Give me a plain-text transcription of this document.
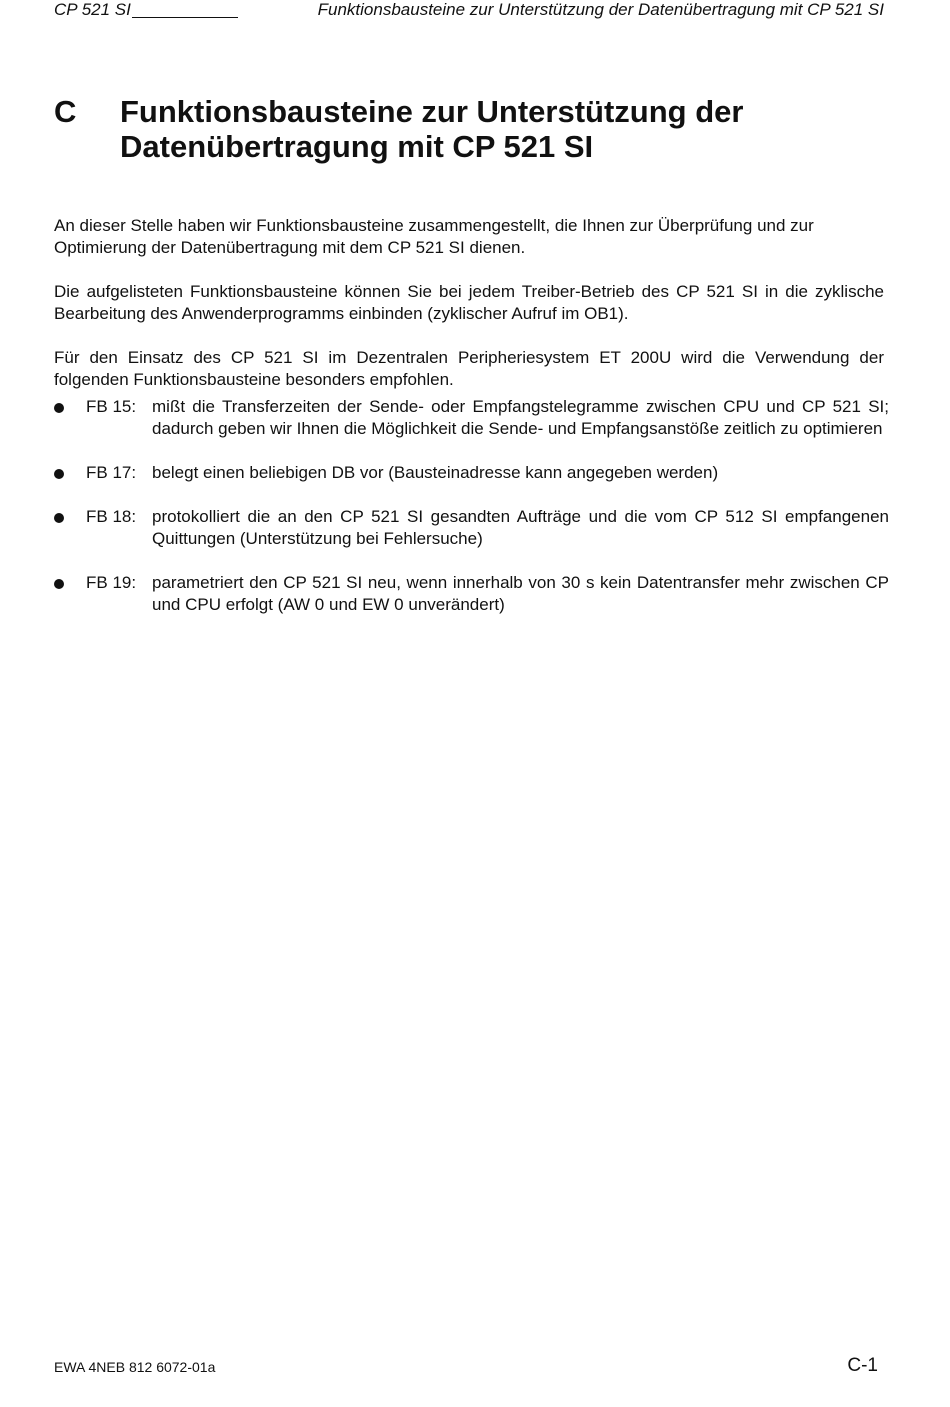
CP 521 SI	Funktionsbausteine zur Unterstützung der Datenübertragung mit CP 521 SI
C Funktionsbausteine zur Unterstützung der Datenübertragung mit CP 521 SI

An dieser Stelle haben wir Funktionsbausteine zusammengestellt, die Ihnen zur Überprüfung und zur Optimierung der Datenübertragung mit dem CP 521 SI dienen.

Die aufgelisteten Funktionsbausteine können Sie bei jedem Treiber-Betrieb des CP 521 SI in die zyklische Bearbeitung des Anwenderprogramms einbinden (zyklischer Aufruf im OB1).

Für den Einsatz des CP 521 SI im Dezentralen Peripheriesystem ET 200U wird die Verwendung der folgenden Funktionsbausteine besonders empfohlen.

FB 15: mißt die Transferzeiten der Sende- oder Empfangstelegramme zwischen CPU und CP 521 SI; dadurch geben wir Ihnen die Möglichkeit die Sende- und Empfangsanstöße zeitlich zu optimieren
FB 17: belegt einen beliebigen DB vor (Bausteinadresse kann angegeben werden)
FB 18: protokolliert die an den CP 521 SI gesandten Aufträge und die vom CP 512 SI empfangenen Quittungen (Unterstützung bei Fehlersuche)
FB 19: parametriert den CP 521 SI neu, wenn innerhalb von 30 s kein Datentransfer mehr zwischen CP und CPU erfolgt (AW 0 und EW 0 unverändert)
EWA 4NEB 812 6072-01a	C-1
